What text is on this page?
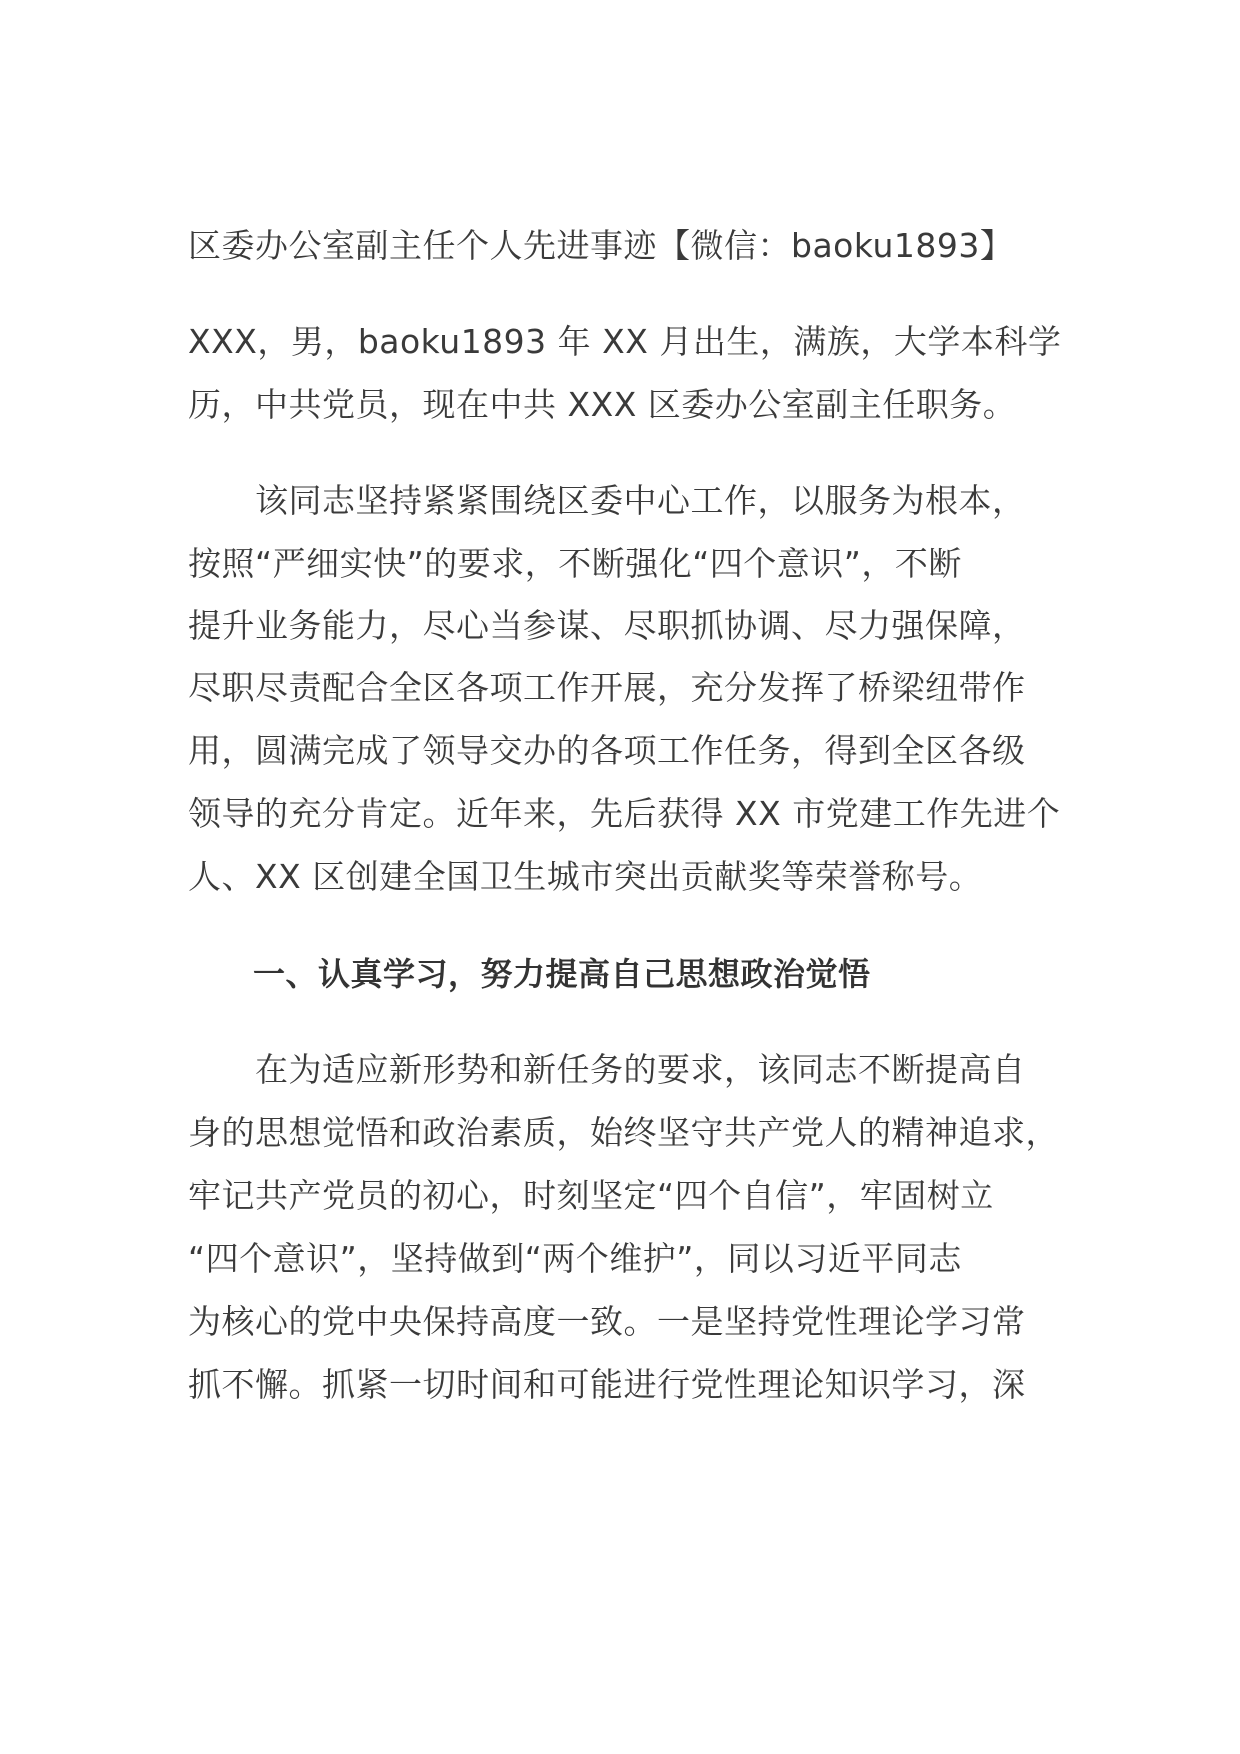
区委办公室副主任个人先进事迹【微信：baoku1893】
XXX，男，baoku1893 年 XX 月出生，满族，大学本科学
历，中共党员，现在中共 XXX 区委办公室副主任职务。
　　该同志坚持紧紧围绕区委中心工作，以服务为根本，
按照“严细实快”的要求，不断强化“四个意识”，不断
提升业务能力，尽心当参谋、尽职抓协调、尽力强保障，
尽职尽责配合全区各项工作开展，充分发挥了桥梁纽带作
用，圆满完成了领导交办的各项工作任务，得到全区各级
领导的充分肯定。近年来，先后获得 XX 市党建工作先进个
人、XX 区创建全国卫生城市突出贡献奖等荣誉称号。
　　一、认真学习，努力提高自己思想政治觉悟
　　在为适应新形势和新任务的要求，该同志不断提高自
身的思想觉悟和政治素质，始终坚守共产党人的精神追求，
牢记共产党员的初心，时刻坚定“四个自信”，牢固树立
“四个意识”，坚持做到“两个维护”，同以习近平同志
为核心的党中央保持高度一致。一是坚持党性理论学习常
抓不懈。抓紧一切时间和可能进行党性理论知识学习，深
